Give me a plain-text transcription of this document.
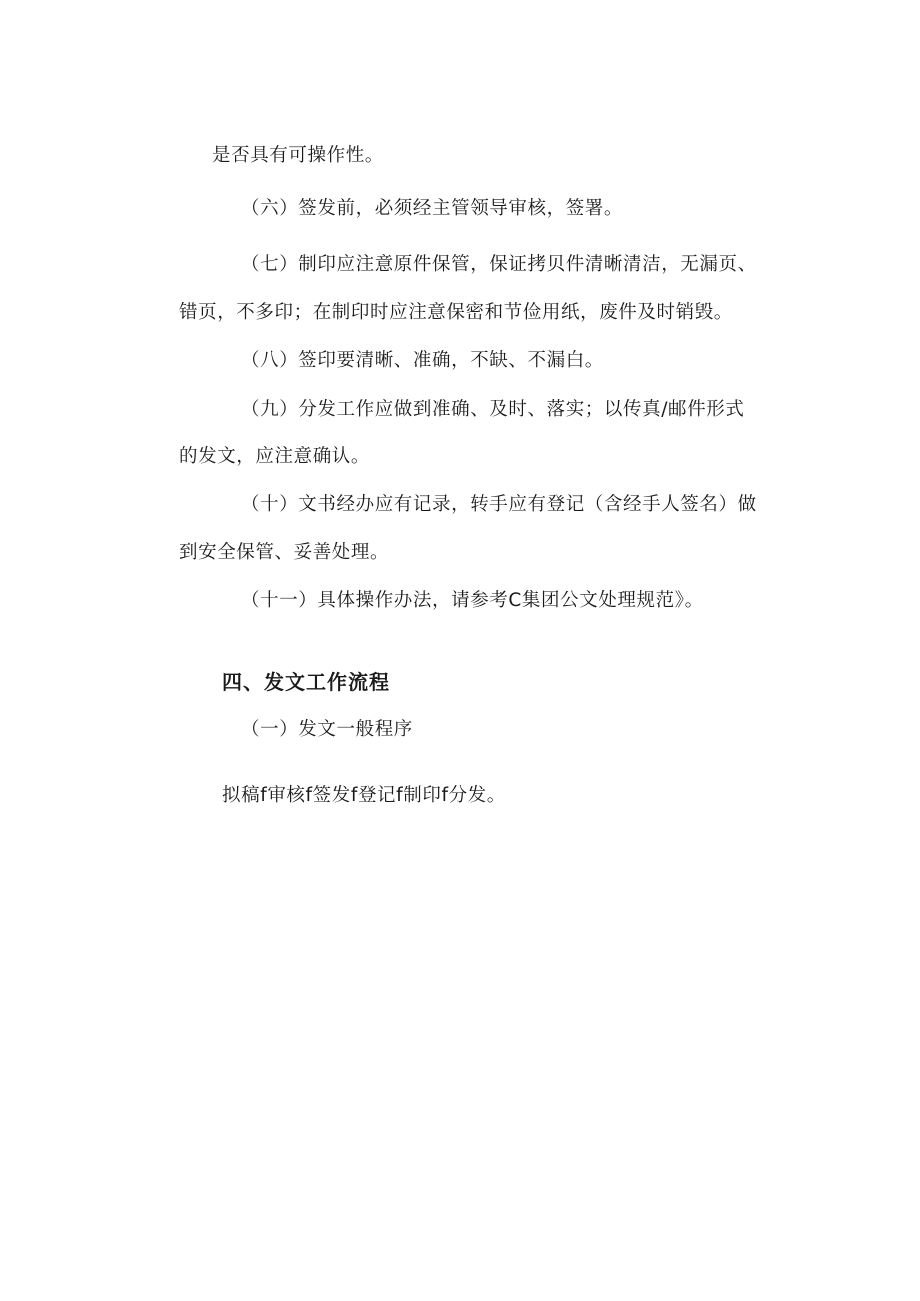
是否具有可操作性。
（六）签发前，必须经主管领导审核，签署。
（七）制印应注意原件保管，保证拷贝件清晰清洁，无漏页、
错页，不多印；在制印时应注意保密和节俭用纸，废件及时销毁。
（八）签印要清晰、准确，不缺、不漏白。
（九）分发工作应做到准确、及时、落实；以传真/邮件形式
的发文，应注意确认。
（十）文书经办应有记录，转手应有登记（含经手人签名）做
到安全保管、妥善处理。
（十一）具体操作办法，请参考C集团公文处理规范》。
四、发文工作流程
（一）发文一般程序
拟稿f审核f签发f登记f制印f分发。
